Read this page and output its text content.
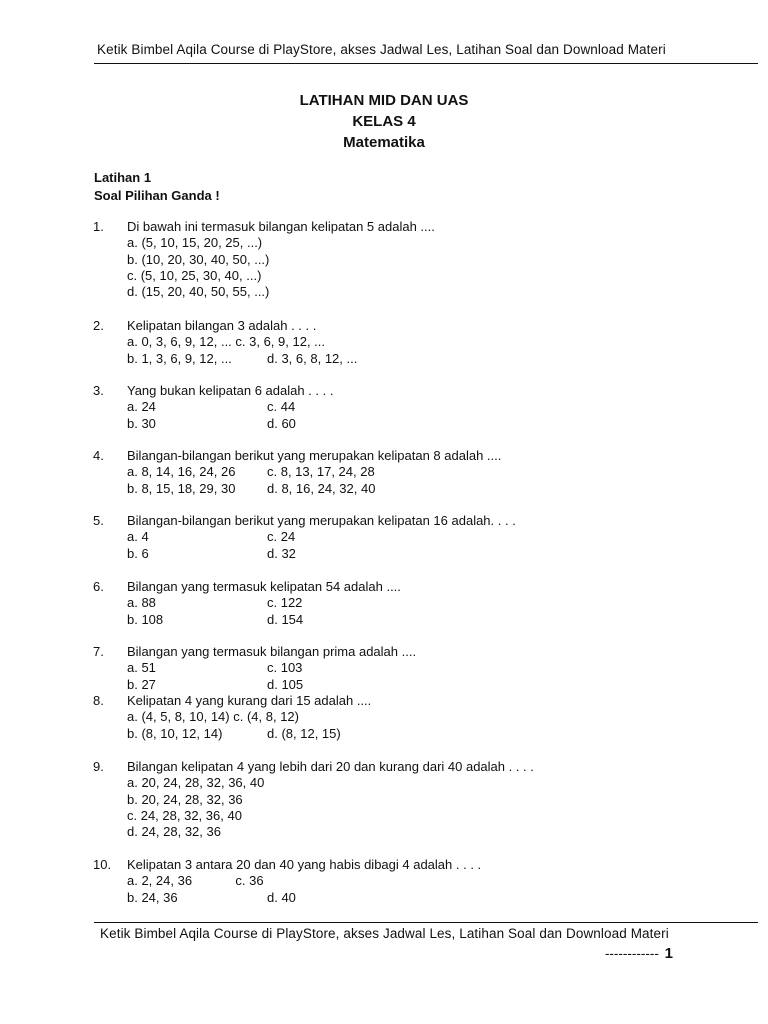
Ketik Bimbel Aqila Course di PlayStore, akses Jadwal Les, Latihan Soal dan Download Materi
LATIHAN MID DAN UAS
KELAS 4
Matematika
Latihan 1
Soal Pilihan Ganda !
1.	Di bawah ini termasuk bilangan kelipatan 5 adalah ....
a. (5, 10, 15, 20, 25, ...)
b. (10, 20, 30, 40, 50, ...)
c. (5, 10, 25, 30, 40, ...)
d. (15, 20, 40, 50, 55, ...)
2.	Kelipatan bilangan 3 adalah . . . .
a. 0, 3, 6, 9, 12, ... c. 3, 6, 9, 12, ...
b. 1, 3, 6, 9, 12, ...	d. 3, 6, 8, 12, ...
3.	Yang bukan kelipatan 6 adalah . . . .
a. 24	c. 44
b. 30	d. 60
4.	Bilangan-bilangan berikut yang merupakan kelipatan 8 adalah ....
a. 8, 14, 16, 24, 26 c. 8, 13, 17, 24, 28
b. 8, 15, 18, 29, 30 d. 8, 16, 24, 32, 40
5.	Bilangan-bilangan berikut yang merupakan kelipatan 16 adalah. . . .
a. 4	c. 24
b. 6	d. 32
6.	Bilangan yang termasuk kelipatan 54 adalah ....
a. 88	c. 122
b. 108	d. 154
7.	Bilangan yang termasuk bilangan prima adalah ....
a. 51	c. 103
b. 27	d. 105
8.	Kelipatan 4 yang kurang dari 15 adalah ....
a. (4, 5, 8, 10, 14) c. (4, 8, 12)
b. (8, 10, 12, 14)	d. (8, 12, 15)
9.	Bilangan kelipatan 4 yang lebih dari 20 dan kurang dari 40 adalah . . . .
a. 20, 24, 28, 32, 36, 40
b. 20, 24, 28, 32, 36
c. 24, 28, 32, 36, 40
d. 24, 28, 32, 36
10.	Kelipatan 3 antara 20 dan 40 yang habis dibagi 4 adalah . . . .
a. 2, 24, 36            c. 36
b. 24, 36	d. 40
Ketik Bimbel Aqila Course di PlayStore, akses Jadwal Les, Latihan Soal dan Download Materi
------------ 1
